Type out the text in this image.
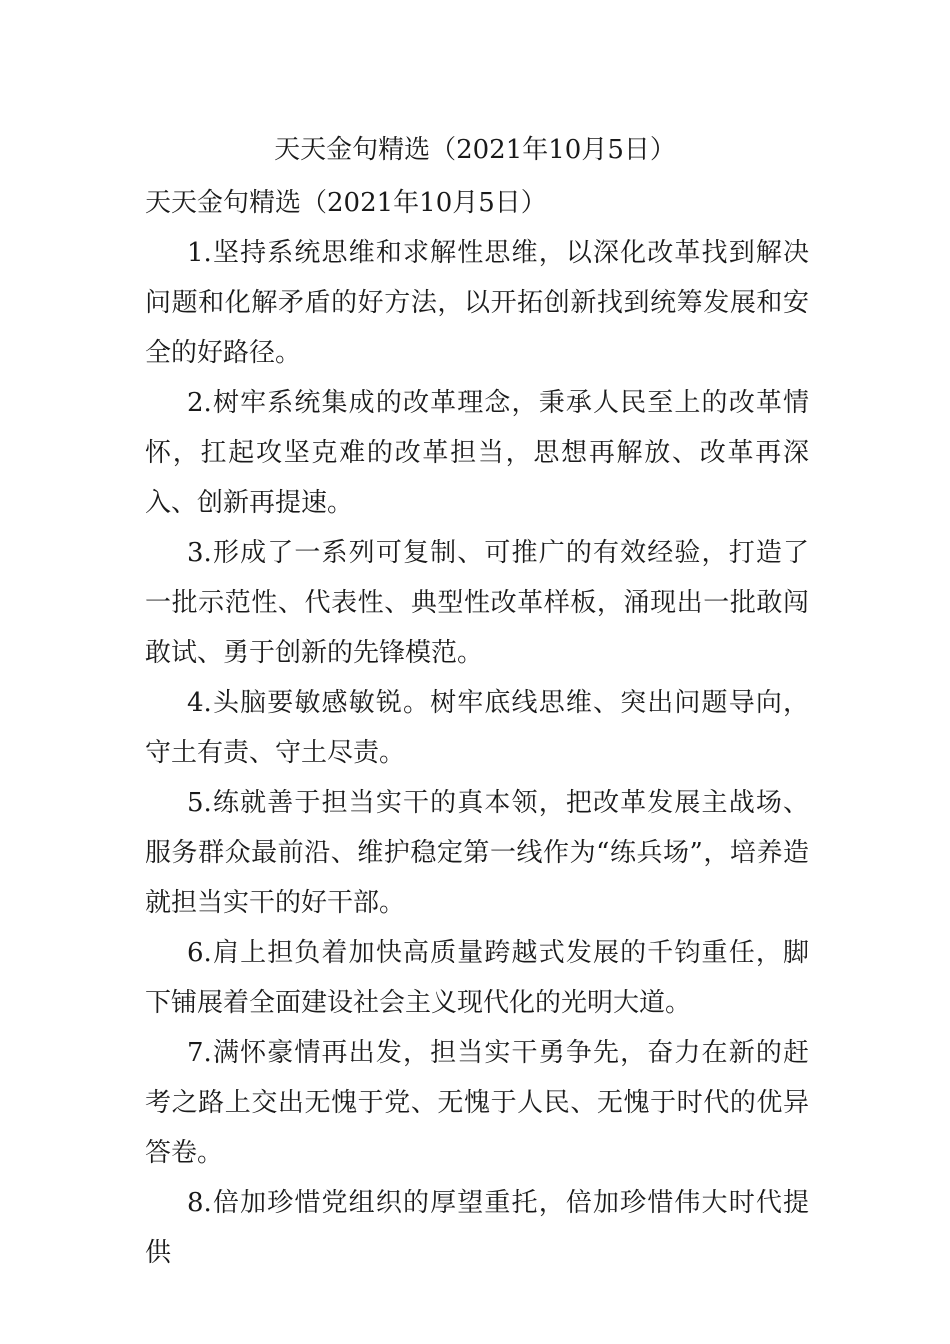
天天金句精选（2021年10月5日）

天天金句精选（2021年10月5日）

1.坚持系统思维和求解性思维，以深化改革找到解决问题和化解矛盾的好方法，以开拓创新找到统筹发展和安全的好路径。

2.树牢系统集成的改革理念，秉承人民至上的改革情怀，扛起攻坚克难的改革担当，思想再解放、改革再深入、创新再提速。

3.形成了一系列可复制、可推广的有效经验，打造了一批示范性、代表性、典型性改革样板，涌现出一批敢闯敢试、勇于创新的先锋模范。

4.头脑要敏感敏锐。树牢底线思维、突出问题导向，守土有责、守土尽责。

5.练就善于担当实干的真本领，把改革发展主战场、服务群众最前沿、维护稳定第一线作为“练兵场”，培养造就担当实干的好干部。

6.肩上担负着加快高质量跨越式发展的千钧重任，脚下铺展着全面建设社会主义现代化的光明大道。

7.满怀豪情再出发，担当实干勇争先，奋力在新的赶考之路上交出无愧于党、无愧于人民、无愧于时代的优异答卷。

8.倍加珍惜党组织的厚望重托，倍加珍惜伟大时代提供
